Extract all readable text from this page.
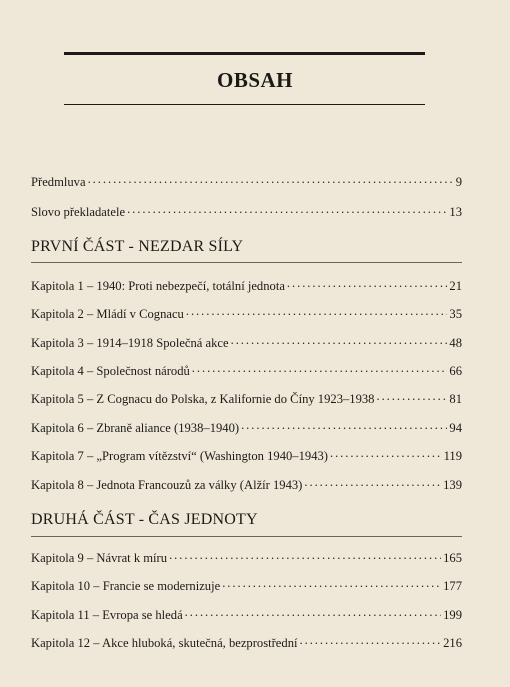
OBSAH
Předmluva . . .	9
Slovo překladatele . . .	13
PRVNÍ ČÁST - NEZDAR SÍLY
Kapitola 1 – 1940: Proti nebezpečí, totální jednota . . .	21
Kapitola 2 – Mládí v Cognacu . . .	35
Kapitola 3 – 1914–1918 Společná akce . . .	48
Kapitola 4 – Společnost národů . . .	66
Kapitola 5 – Z Cognacu do Polska, z Kalifornie do Číny 1923–1938 . . .	81
Kapitola 6 – Zbraně aliance (1938–1940) . . .	94
Kapitola 7 – „Program vítězství“ (Washington 1940–1943) . . .	119
Kapitola 8 – Jednota Francouzů za války (Alžír 1943) . . .	139
DRUHÁ ČÁST - ČAS JEDNOTY
Kapitola 9 – Návrat k míru . . .	165
Kapitola 10 – Francie se modernizuje . . .	177
Kapitola 11 – Evropa se hledá . . .	199
Kapitola 12 – Akce hluboká, skutečná, bezprostřední . . .	216
